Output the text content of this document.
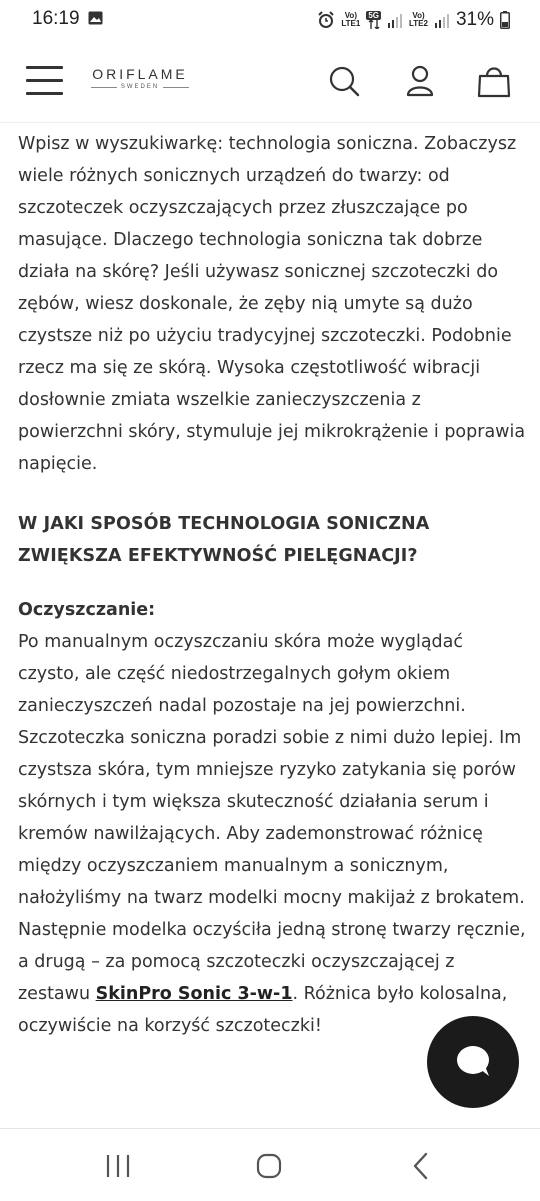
16:19	Vo)
LTE1
5G	Vo)
LTE2 31%
ORIFLAME
SWEDEN

Wpisz w wyszukiwarkę: technologia soniczna. Zobaczysz wiele różnych sonicznych urządzeń do twarzy: od szczoteczek oczyszczających przez złuszczające po masujące. Dlaczego technologia soniczna tak dobrze działa na skórę? Jeśli używasz sonicznej szczoteczki do zębów, wiesz doskonale, że zęby nią umyte są dużo czystsze niż po użyciu tradycyjnej szczoteczki. Podobnie rzecz ma się ze skórą. Wysoka częstotliwość wibracji dosłownie zmiata wszelkie zanieczyszczenia z powierzchni skóry, stymuluje jej mikrokrążenie i poprawia napięcie.

W JAKI SPOSÓB TECHNOLOGIA SONICZNA ZWIĘKSZA EFEKTYWNOŚĆ PIELĘGNACJI?

Oczyszczanie:

Po manualnym oczyszczaniu skóra może wyglądać czysto, ale część niedostrzegalnych gołym okiem zanieczyszczeń nadal pozostaje na jej powierzchni. Szczoteczka soniczna poradzi sobie z nimi dużo lepiej. Im czystsza skóra, tym mniejsze ryzyko zatykania się porów skórnych i tym większa skuteczność działania serum i kremów nawilżających. Aby zademonstrować różnicę między oczyszczaniem manualnym a sonicznym, nałożyliśmy na twarz modelki mocny makijaż z brokatem. Następnie modelka oczyściła jedną stronę twarzy ręcznie, a drugą – za pomocą szczoteczki oczyszczającej z zestawu SkinPro Sonic 3-w-1. Różnica było kolosalna, oczywiście na korzyść szczoteczki!
